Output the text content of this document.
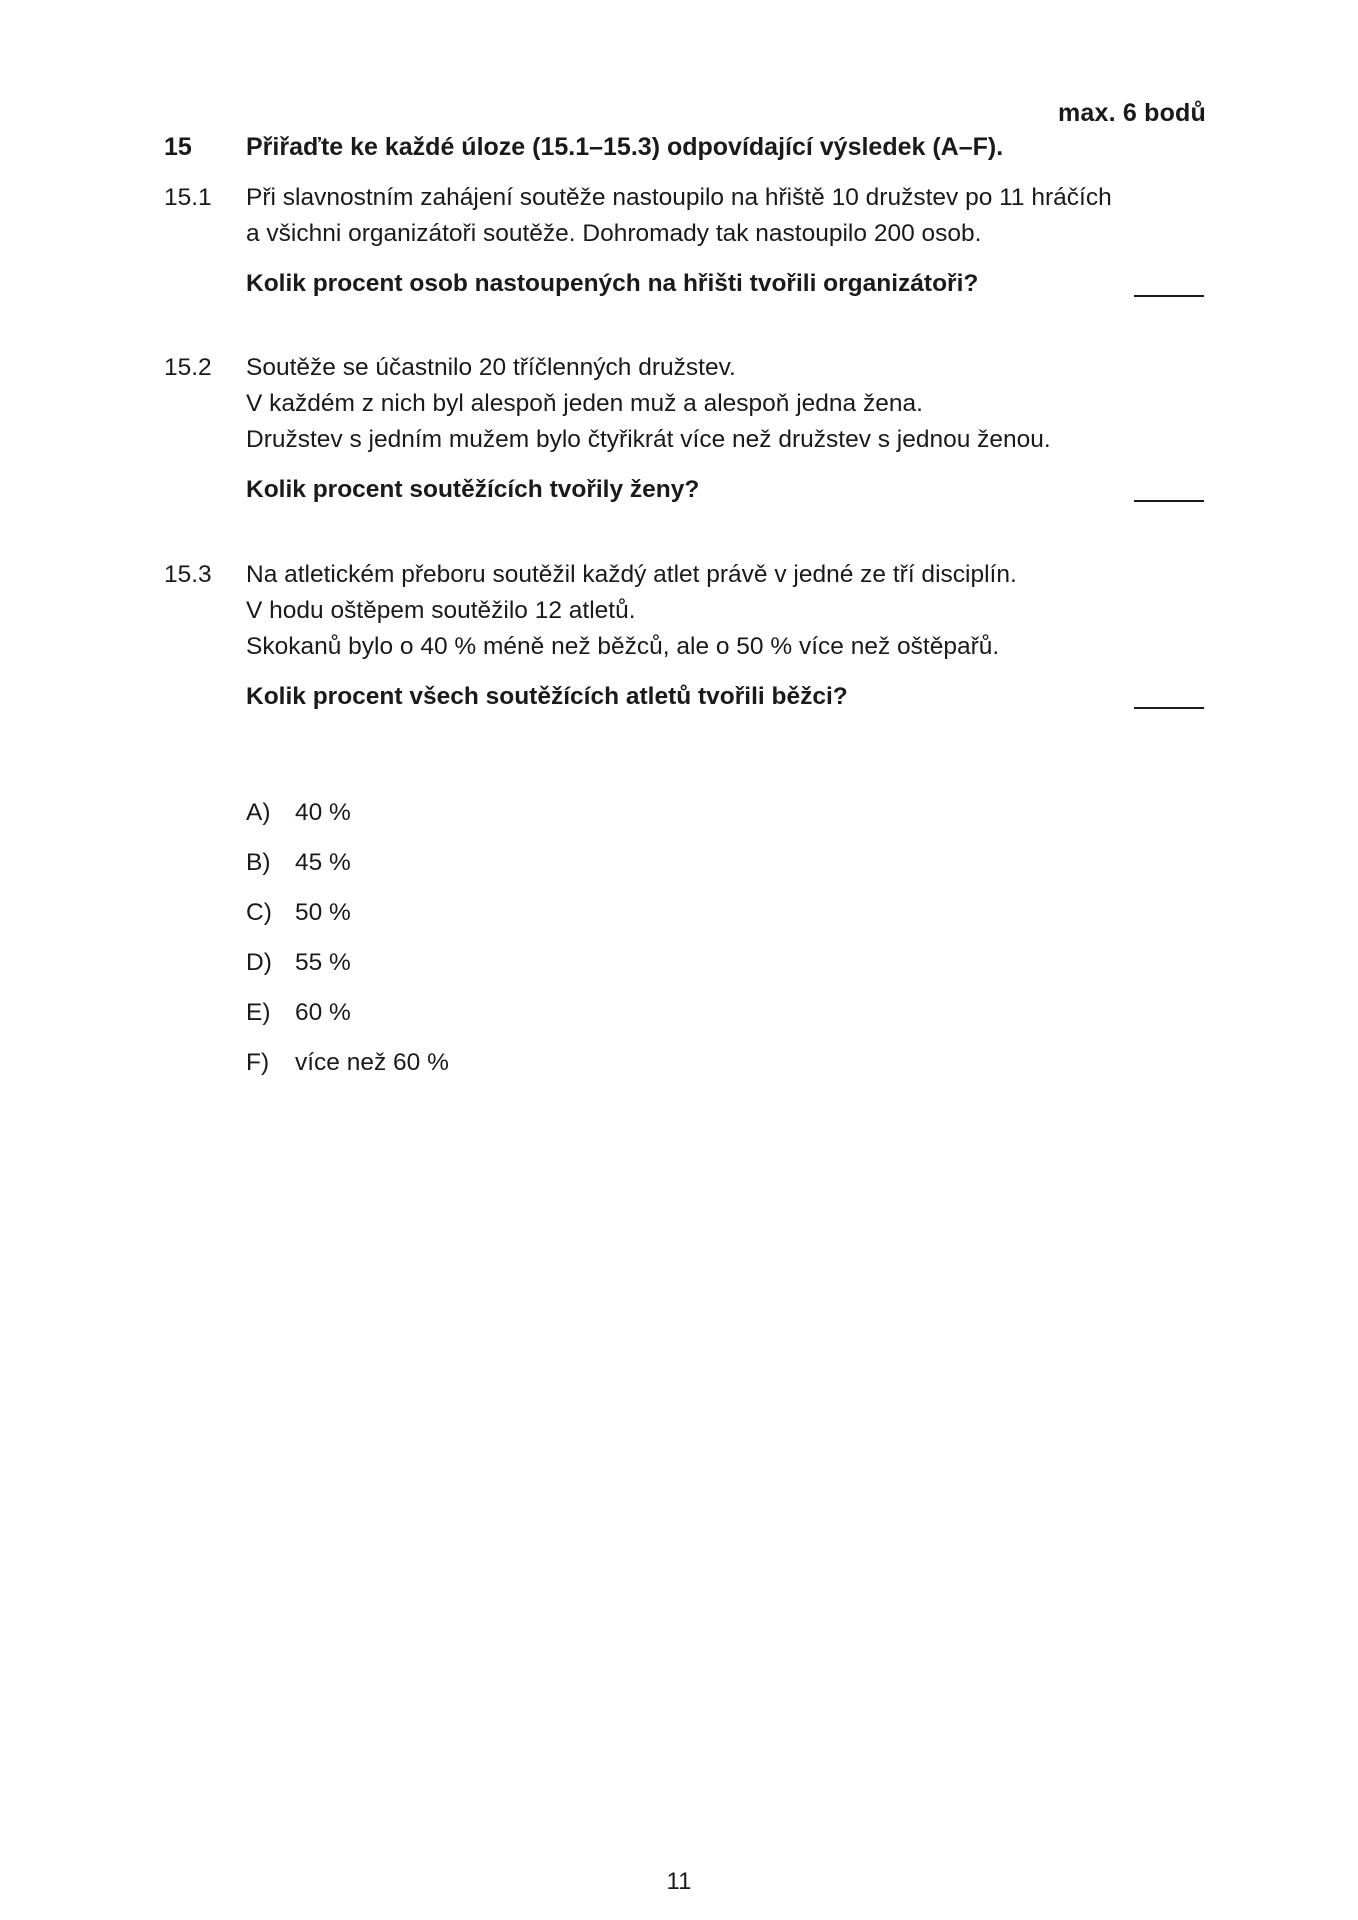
max. 6 bodů
15 Přiřaďte ke každé úloze (15.1–15.3) odpovídající výsledek (A–F).
15.1 Při slavnostním zahájení soutěže nastoupilo na hřiště 10 družstev po 11 hráčích
a všichni organizátoři soutěže. Dohromady tak nastoupilo 200 osob.
Kolik procent osob nastoupených na hřišti tvořili organizátoři?
15.2 Soutěže se účastnilo 20 tříčlenných družstev.
V každém z nich byl alespoň jeden muž a alespoň jedna žena.
Družstev s jedním mužem bylo čtyřikrát více než družstev s jednou ženou.
Kolik procent soutěžících tvořily ženy?
15.3 Na atletickém přeboru soutěžil každý atlet právě v jedné ze tří disciplín.
V hodu oštěpem soutěžilo 12 atletů.
Skokanů bylo o 40 % méně než běžců, ale o 50 % více než oštěpařů.
Kolik procent všech soutěžících atletů tvořili běžci?
A) 40 %
B) 45 %
C) 50 %
D) 55 %
E) 60 %
F) více než 60 %
11
